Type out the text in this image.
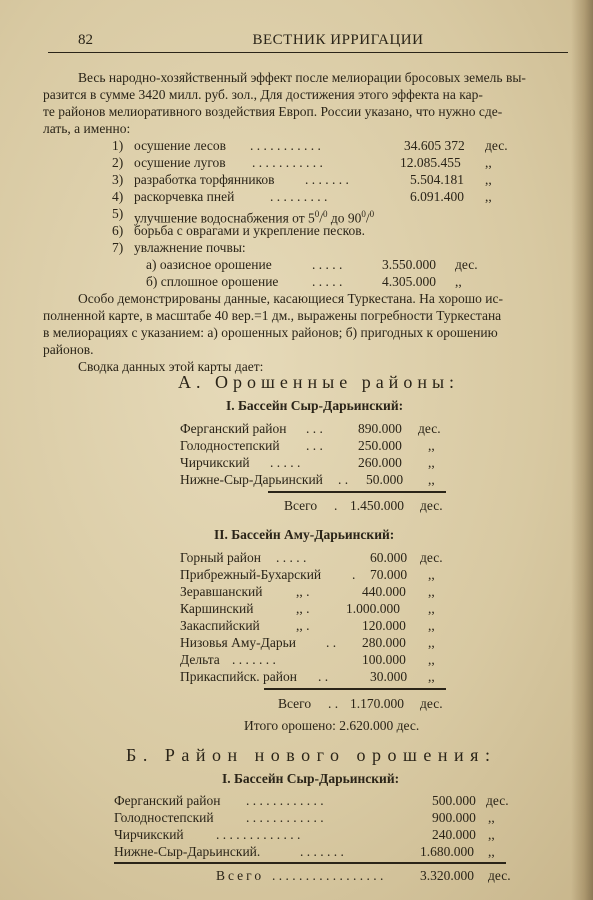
82	ВЕСТНИК ИРРИГАЦИИ
Весь народно-хозяйственный эффект после мелиорации бросовых земель вы-
разится в сумме 3420 милл. руб. зол., Для достижения этого эффекта на кар-
те районов мелиоративного воздействия Европ. России указано, что нужно сде-
лать, а именно:
1) осушение лесов . . . . . . . . . . .	34.605 372 дес.
2) осушение лугов . . . . . . . . . . .	12.085.455 ,,
3) разработка торфянников . . . . . . .	5.504.181 ,,
4) раскорчевка пней	. . . . . . . . .	6.091.400 ,,
5) улучшение водоснабжения от $5^0/^0$ до $90^0/^0$
6) борьба с оврагами и укрепление песков.
7) увлажнение почвы:
а) оазисное орошение	. . . . .	3.550.000 дес.
б) сплошное орошение . . . . .	4.305.000 ,,
Особо демонстрированы данные, касающиеся Туркестана. На хорошо ис-
полненной карте, в масштабе 40 вер.=1 дм., выражены погребности Туркестана
в мелиорациях с указанием: а) орошенных районов; б) пригодных к орошению
районов.
Сводка данных этой карты дает:
А. Орошенные районы:
I. Бассейн Сыр-Дарьинский:
Ферганский район . . .	890.000 дес.
Голодностепский . . .	250.000 ,,
Чирчикский . . . . .	260.000 ,,
Нижне-Сыр-Дарьинский . . 50.000 ,,
Всего . 1.450.000 дес.
II. Бассейн Аму-Дарьинский:
Горный район . . . . .	60.000 дес.
Прибрежный-Бухарский . 70.000 ,,
Зеравшанский ,, .	440.000 ,,
Каршинский	,, .	1.000.000 ,,
Закаспийский	,, .	120.000 ,,
Низовья Аму-Дарьи . . 280.000 ,,
Дельта . . . . . . .	100.000 ,,
Прикаспийск. район . .	30.000 ,,
Всего . . 1.170.000 дес.
Итого орошено: 2.620.000 дес.
Б. Район нового орошения:
I. Бассейн Сыр-Дарьинский:
Ферганский район . . . . . . . . . . . .	500.000 дес.
Голодностепский . . . . . . . . . . . .	900.000 ,,
Чирчикский . . . . . . . . . . . . .	240.000 ,,
Нижне-Сыр-Дарьинский.	. . . . . . .	1.680.000 ,,
Всего . . . . . . . . . . . . . . . . .	3.320.000 дес.
